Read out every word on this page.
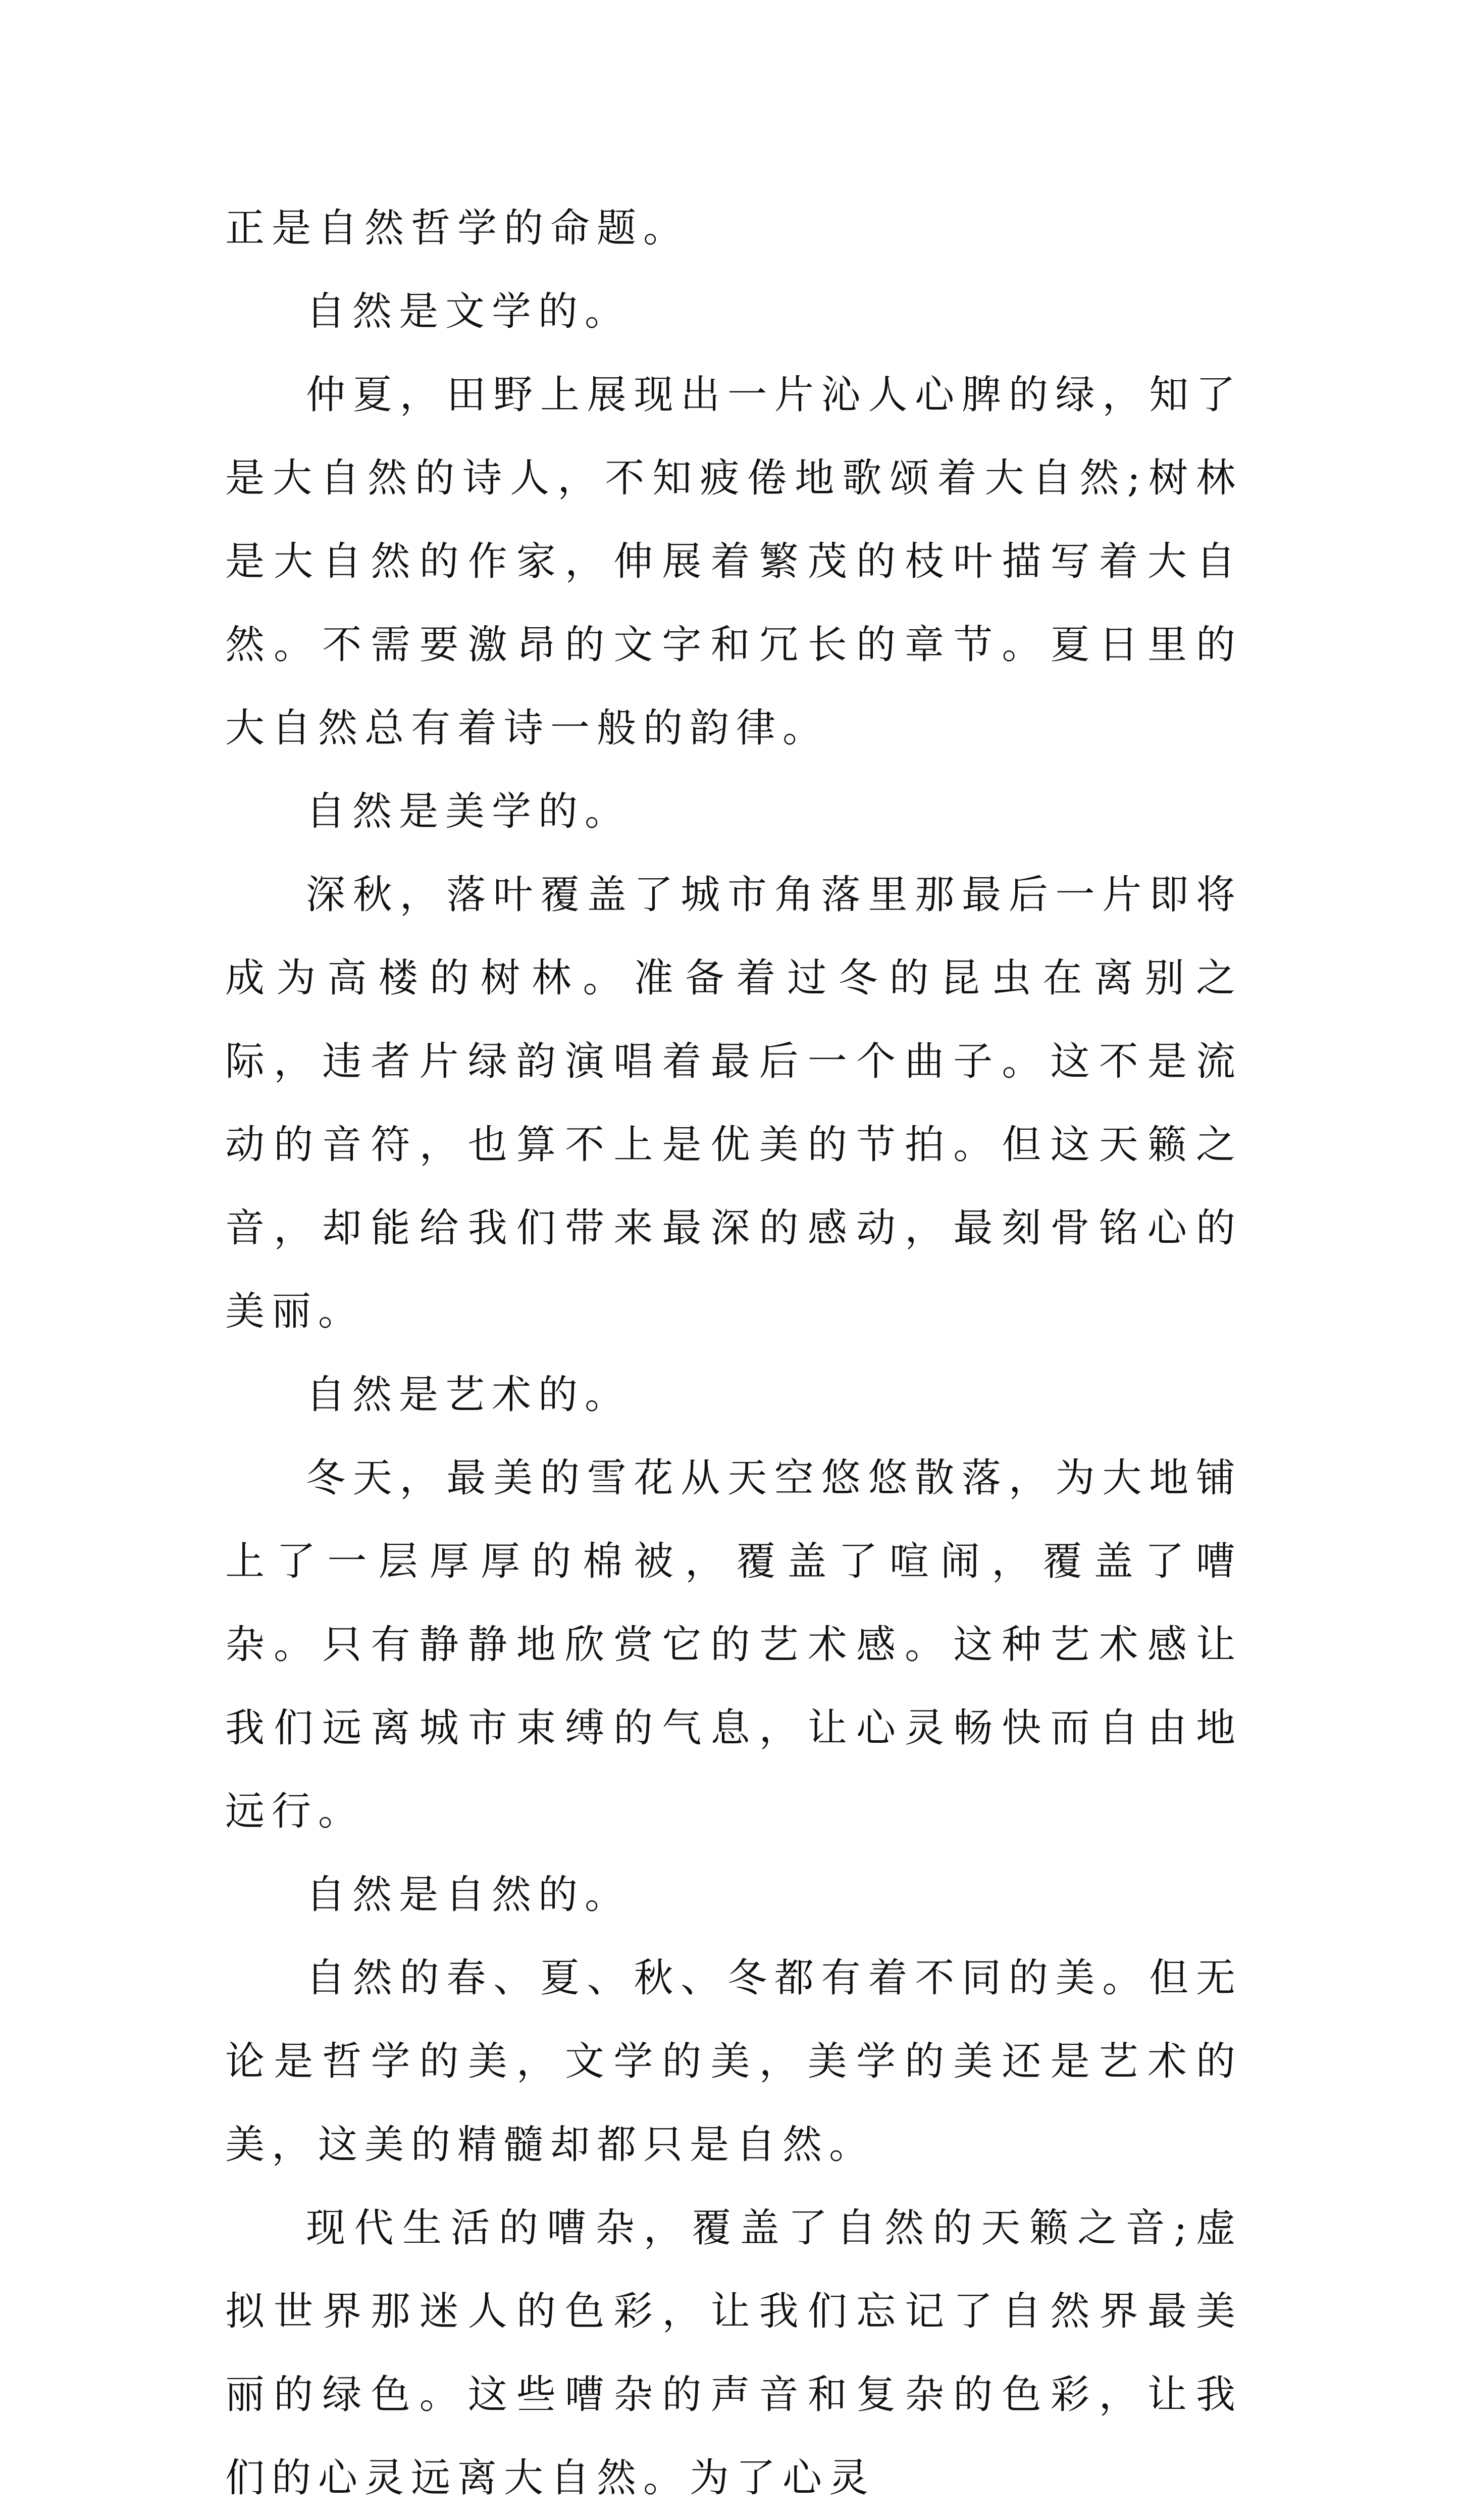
正是自然哲学的命题。

自然是文学的。

仲夏，田野上展现出一片沁人心脾的绿，知了是大自然的诗人，不知疲倦地歌颂着大自然;树林是大自然的作家，伸展着繁茂的枝叶描写着大自然。不需要激昂的文字和冗长的章节。夏日里的大自然总有着诗一般的韵律。

自然是美学的。

深秋，落叶覆盖了城市角落里那最后一片即将成为高楼的树林。准备着过冬的昆虫在离别之际，违者片绿韵演唱着最后一个曲子。这不是流动的音符，也算不上是优美的节拍。但这天籁之音，却能给我们带来最深的感动，最刻骨铭心的美丽。

自然是艺术的。

冬天，最美的雪花从天空悠悠散落，为大地铺上了一层厚厚的棉被，覆盖了喧闹，覆盖了嘈杂。只有静静地欣赏它的艺术感。这种艺术感让我们远离城市束缚的气息，让心灵畅快而自由地远行。

自然是自然的。

自然的春、夏、秋、冬都有着不同的美。但无论是哲学的美，文学的美，美学的美还是艺术的美，这美的精髓却都只是自然。

现代生活的嘈杂，覆盖了自然的天籁之音;虚拟世界那迷人的色彩，让我们忘记了自然界最美丽的绿色。这些嘈杂的声音和复杂的色彩，让我们的心灵远离大自然。为了心灵
